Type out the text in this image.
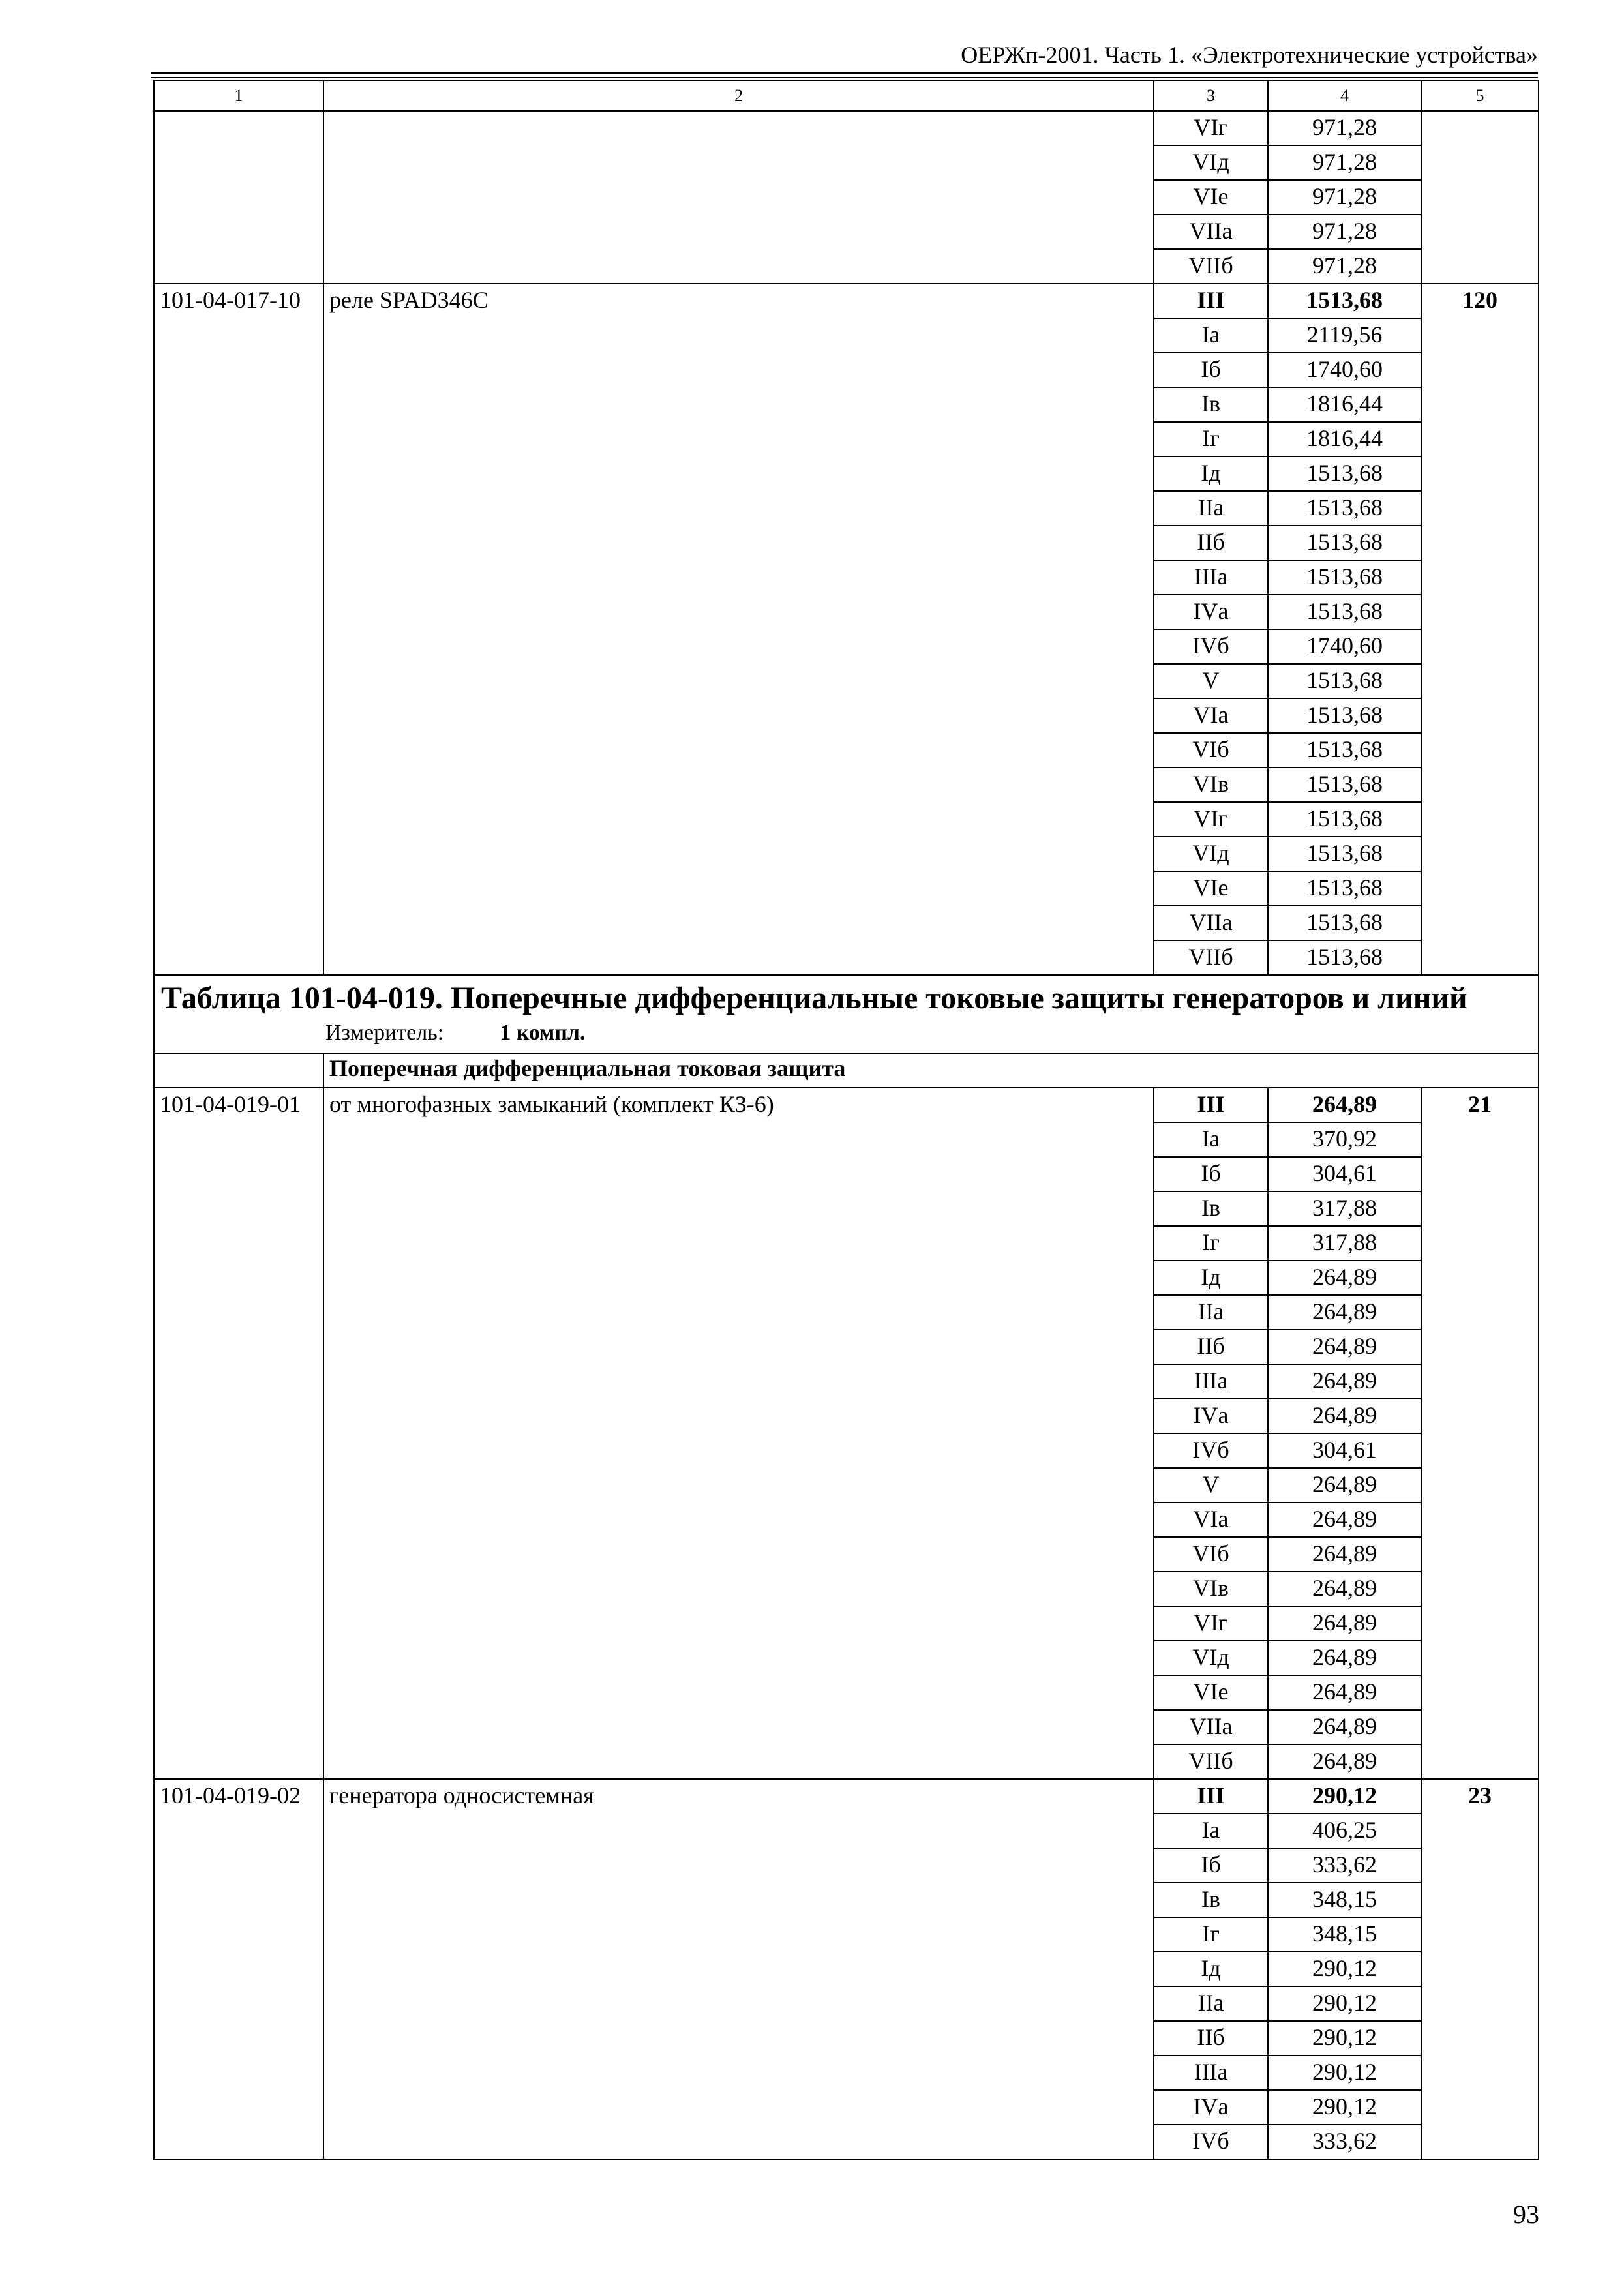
ОЕРЖп-2001. Часть 1. «Электротехнические устройства»
1	2	3	4	5
		VIг	971,28	
		VIд	971,28	
		VIе	971,28	
		VIIа	971,28	
		VIIб	971,28	
101-04-017-10	реле SPAD346C	III	1513,68	120
		Iа	2119,56	
		Iб	1740,60	
		Iв	1816,44	
		Iг	1816,44	
		Iд	1513,68	
		IIа	1513,68	
		IIб	1513,68	
		IIIа	1513,68	
		IVа	1513,68	
		IVб	1740,60	
		V	1513,68	
		VIа	1513,68	
		VIб	1513,68	
		VIв	1513,68	
		VIг	1513,68	
		VIд	1513,68	
		VIе	1513,68	
		VIIа	1513,68	
		VIIб	1513,68	
Таблица 101-04-019. Поперечные дифференциальные токовые защиты генераторов и линий				
Измеритель: 1 компл.				
	Поперечная дифференциальная токовая защита			
101-04-019-01	от многофазных замыканий (комплект КЗ-6)	III	264,89	21
		Iа	370,92	
		Iб	304,61	
		Iв	317,88	
		Iг	317,88	
		Iд	264,89	
		IIа	264,89	
		IIб	264,89	
		IIIа	264,89	
		IVа	264,89	
		IVб	304,61	
		V	264,89	
		VIа	264,89	
		VIб	264,89	
		VIв	264,89	
		VIг	264,89	
		VIд	264,89	
		VIе	264,89	
		VIIа	264,89	
		VIIб	264,89	
101-04-019-02	генератора односистемная	III	290,12	23
		Iа	406,25	
		Iб	333,62	
		Iв	348,15	
		Iг	348,15	
		Iд	290,12	
		IIа	290,12	
		IIб	290,12	
		IIIа	290,12	
		IVа	290,12	
		IVб	333,62	
93
